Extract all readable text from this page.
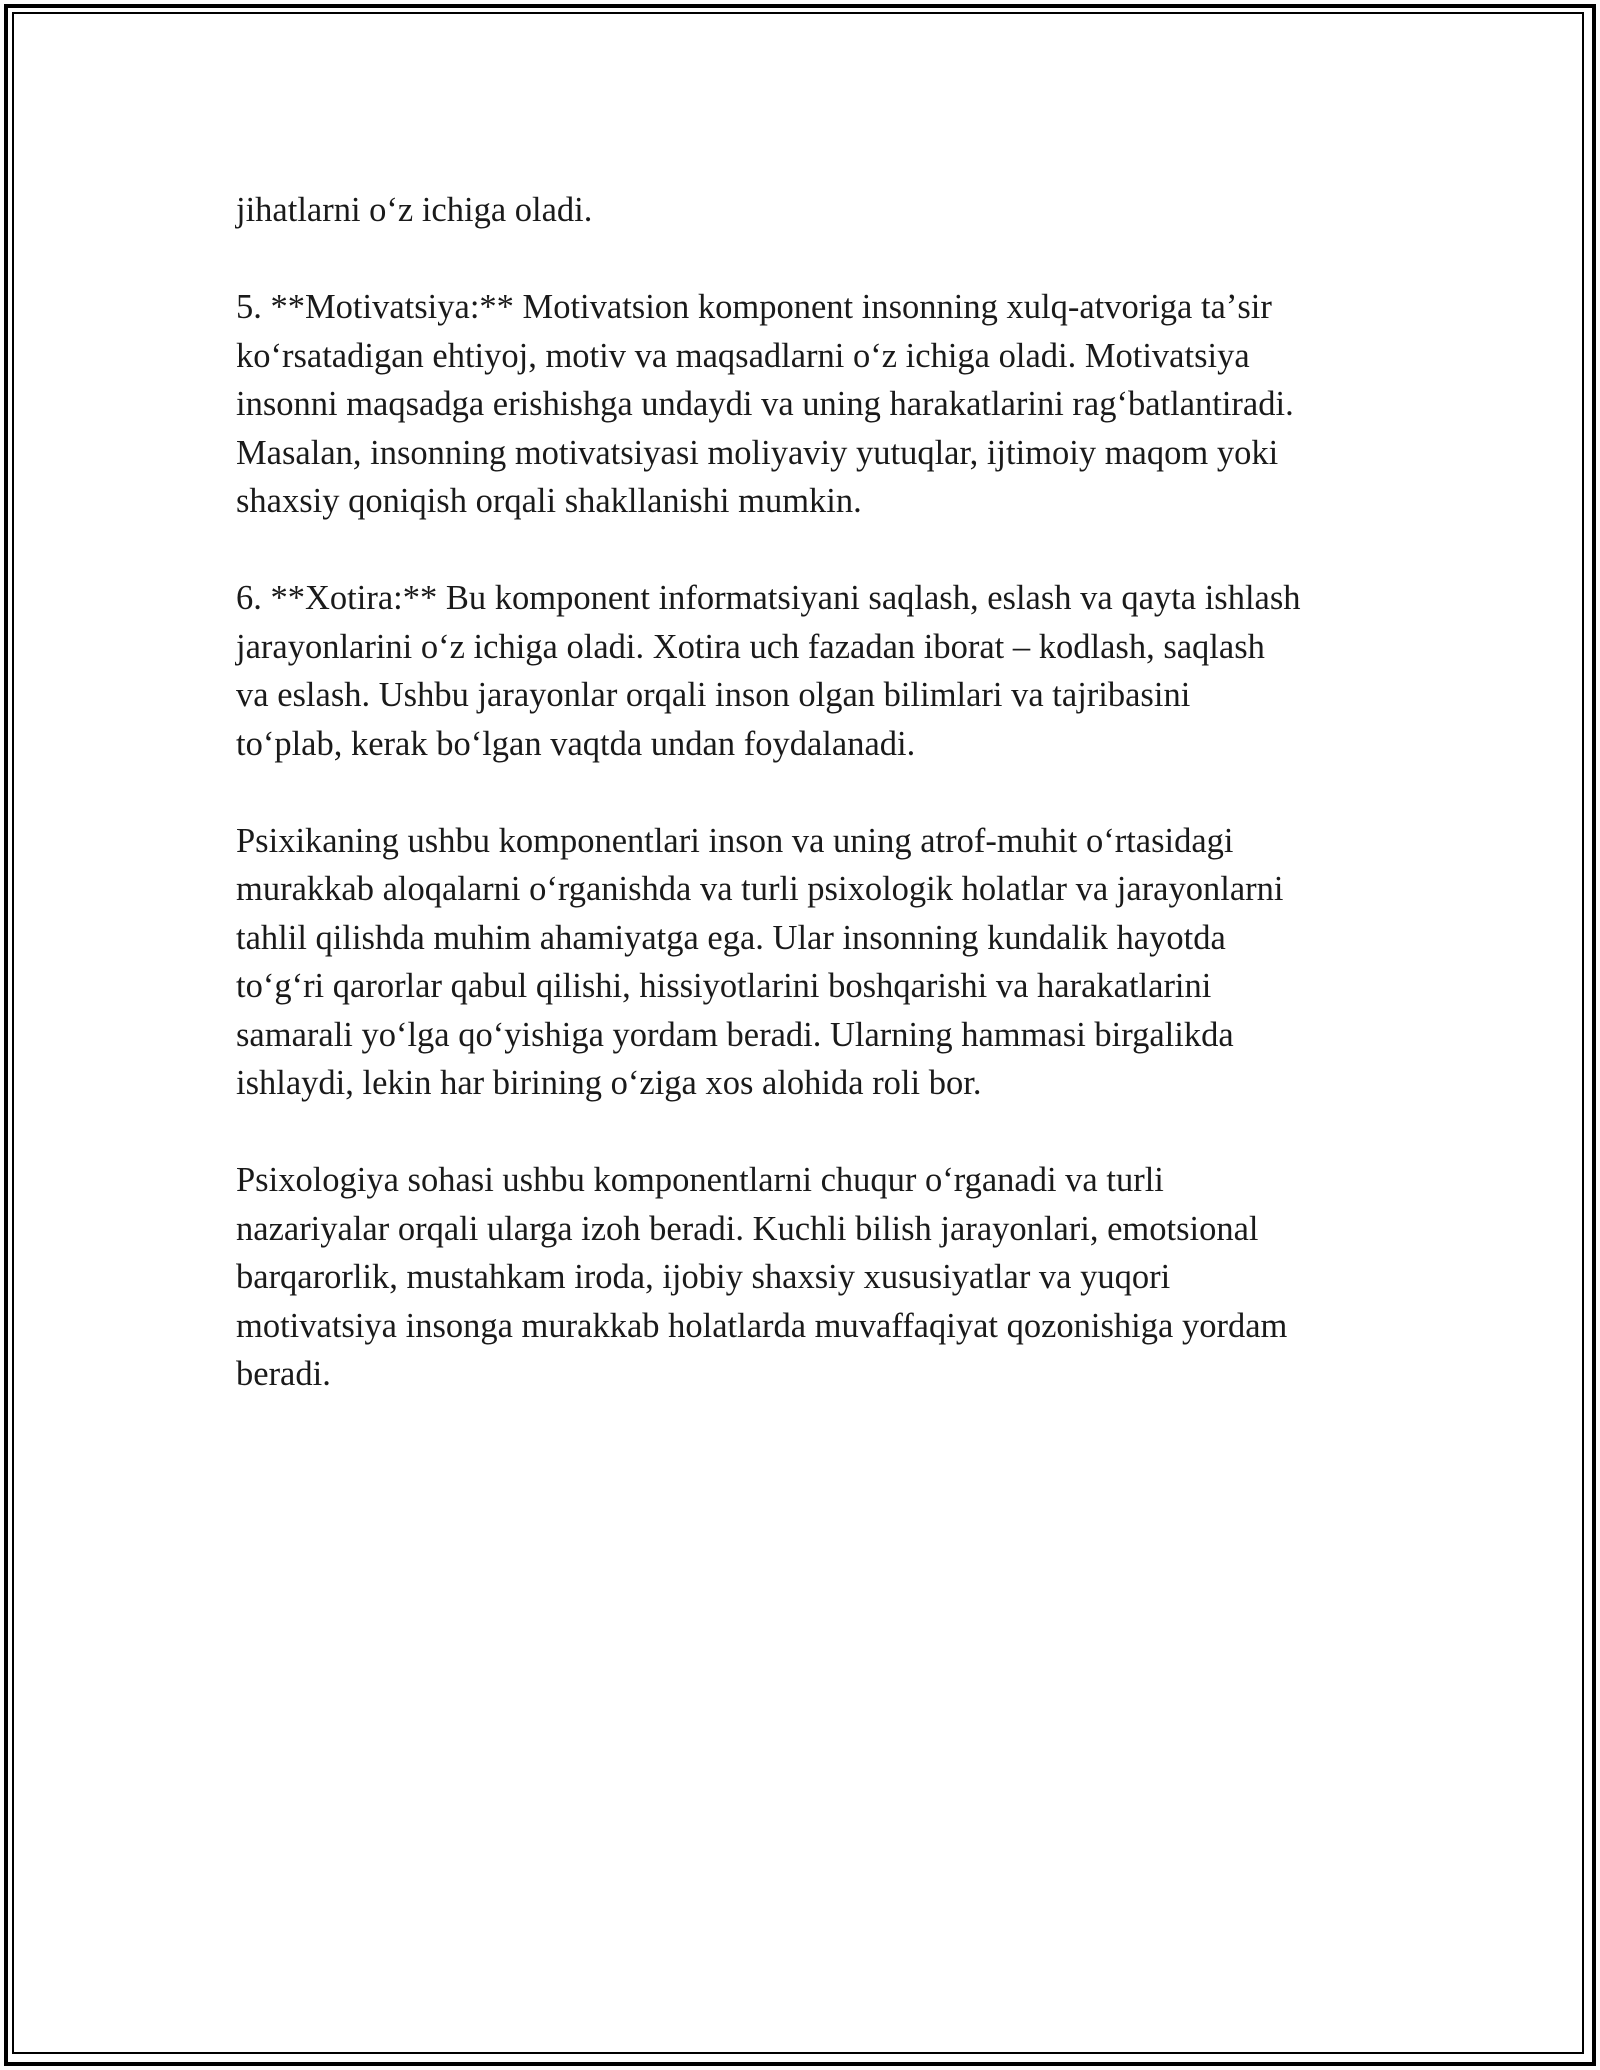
jihatlarni oʻz ichiga oladi.

5. **Motivatsiya:** Motivatsion komponent insonning xulq-atvoriga taʼsir
koʻrsatadigan ehtiyoj, motiv va maqsadlarni oʻz ichiga oladi. Motivatsiya
insonni maqsadga erishishga undaydi va uning harakatlarini ragʻbatlantiradi.
Masalan, insonning motivatsiyasi moliyaviy yutuqlar, ijtimoiy maqom yoki
shaxsiy qoniqish orqali shakllanishi mumkin.

6. **Xotira:** Bu komponent informatsiyani saqlash, eslash va qayta ishlash
jarayonlarini oʻz ichiga oladi. Xotira uch fazadan iborat – kodlash, saqlash
va eslash. Ushbu jarayonlar orqali inson olgan bilimlari va tajribasini
toʻplab, kerak boʻlgan vaqtda undan foydalanadi.

Psixikaning ushbu komponentlari inson va uning atrof-muhit oʻrtasidagi
murakkab aloqalarni oʻrganishda va turli psixologik holatlar va jarayonlarni
tahlil qilishda muhim ahamiyatga ega. Ular insonning kundalik hayotda
toʻgʻri qarorlar qabul qilishi, hissiyotlarini boshqarishi va harakatlarini
samarali yoʻlga qoʻyishiga yordam beradi. Ularning hammasi birgalikda
ishlaydi, lekin har birining oʻziga xos alohida roli bor.

Psixologiya sohasi ushbu komponentlarni chuqur oʻrganadi va turli
nazariyalar orqali ularga izoh beradi. Kuchli bilish jarayonlari, emotsional
barqarorlik, mustahkam iroda, ijobiy shaxsiy xususiyatlar va yuqori
motivatsiya insonga murakkab holatlarda muvaffaqiyat qozonishiga yordam
beradi.
